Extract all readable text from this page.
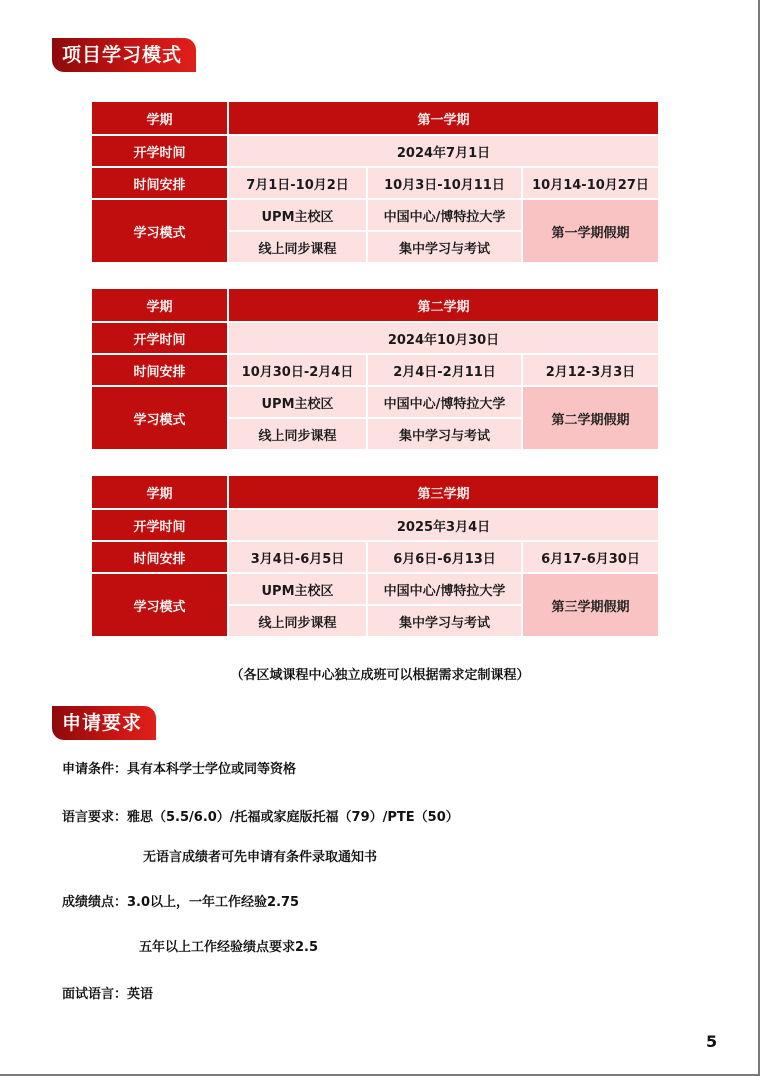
项目学习模式
学期	第一学期		
开学时间	2024年7月1日		
时间安排	7月1日-10月2日	10月3日-10月11日	10月14-10月27日
学习模式	UPM主校区	中国中心/博特拉大学	第一学期假期
	线上同步课程	集中学习与考试	
学期	第二学期		
开学时间	2024年10月30日		
时间安排	10月30日-2月4日	2月4日-2月11日	2月12-3月3日
学习模式	UPM主校区	中国中心/博特拉大学	第二学期假期
	线上同步课程	集中学习与考试	
学期	第三学期		
开学时间	2025年3月4日		
时间安排	3月4日-6月5日	6月6日-6月13日	6月17-6月30日
学习模式	UPM主校区	中国中心/博特拉大学	第三学期假期
	线上同步课程	集中学习与考试	
（各区域课程中心独立成班可以根据需求定制课程）
申请要求
申请条件：具有本科学士学位或同等资格
语言要求：雅思（5.5/6.0）/托福或家庭版托福（79）/PTE（50）
无语言成绩者可先申请有条件录取通知书
成绩绩点：3.0以上，一年工作经验2.75
五年以上工作经验绩点要求2.5
面试语言：英语
5
